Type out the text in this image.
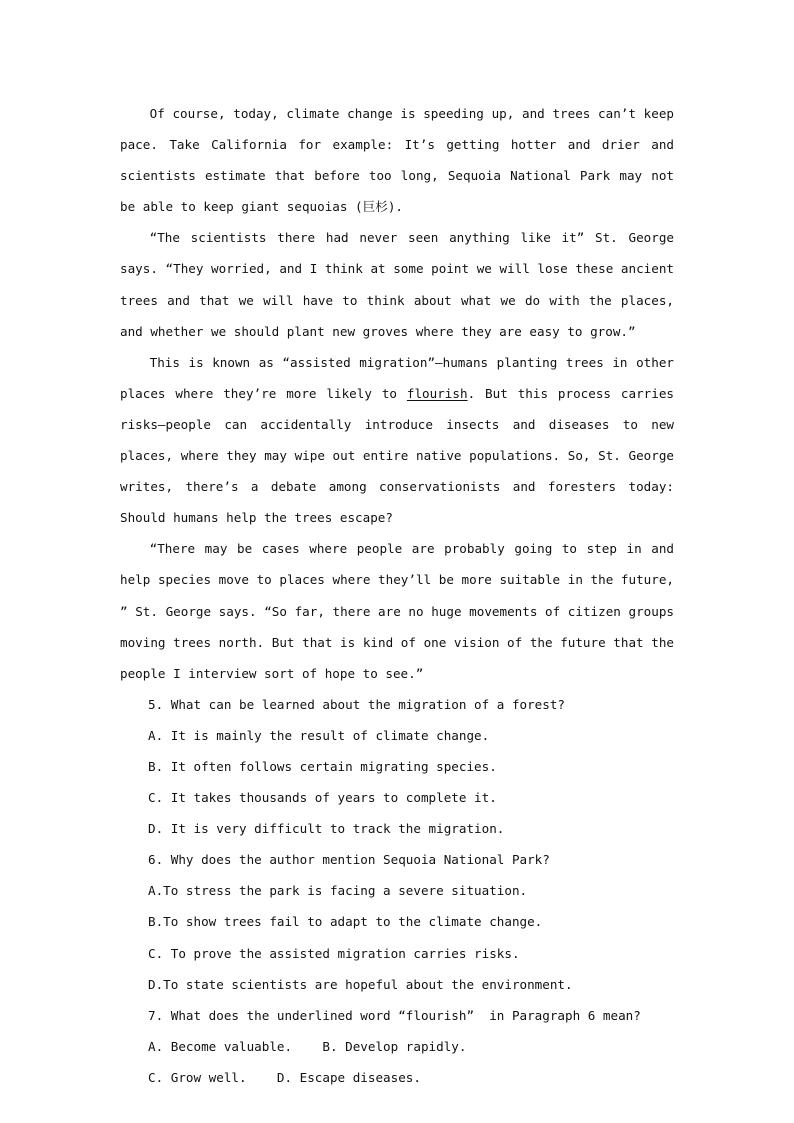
Of course, today, climate change is speeding up, and trees can’t keep pace. Take California for example: It’s getting hotter and drier and scientists estimate that before too long, Sequoia National Park may not be able to keep giant sequoias (巨杉).

“The scientists there had never seen anything like it” St. George says. “They worried, and I think at some point we will lose these ancient trees and that we will have to think about what we do with the places, and whether we should plant new groves where they are easy to grow.”

This is known as “assisted migration”—humans planting trees in other places where they’re more likely to flourish. But this process carries risks—people can accidentally introduce insects and diseases to new places, where they may wipe out entire native populations. So, St. George writes, there’s a debate among conservationists and foresters today: Should humans help the trees escape?

“There may be cases where people are probably going to step in and help species move to places where they’ll be more suitable in the future, ” St. George says. “So far, there are no huge movements of citizen groups moving trees north. But that is kind of one vision of the future that the people I interview sort of hope to see.”

5. What can be learned about the migration of a forest?

A. It is mainly the result of climate change.

B. It often follows certain migrating species.

C. It takes thousands of years to complete it.

D. It is very difficult to track the migration.

6. Why does the author mention Sequoia National Park?

A.To stress the park is facing a severe situation.

B.To show trees fail to adapt to the climate change.

C. To prove the assisted migration carries risks.

D.To state scientists are hopeful about the environment.

7. What does the underlined word “flourish”  in Paragraph 6 mean?

A. Become valuable.    B. Develop rapidly.

C. Grow well.    D. Escape diseases.
